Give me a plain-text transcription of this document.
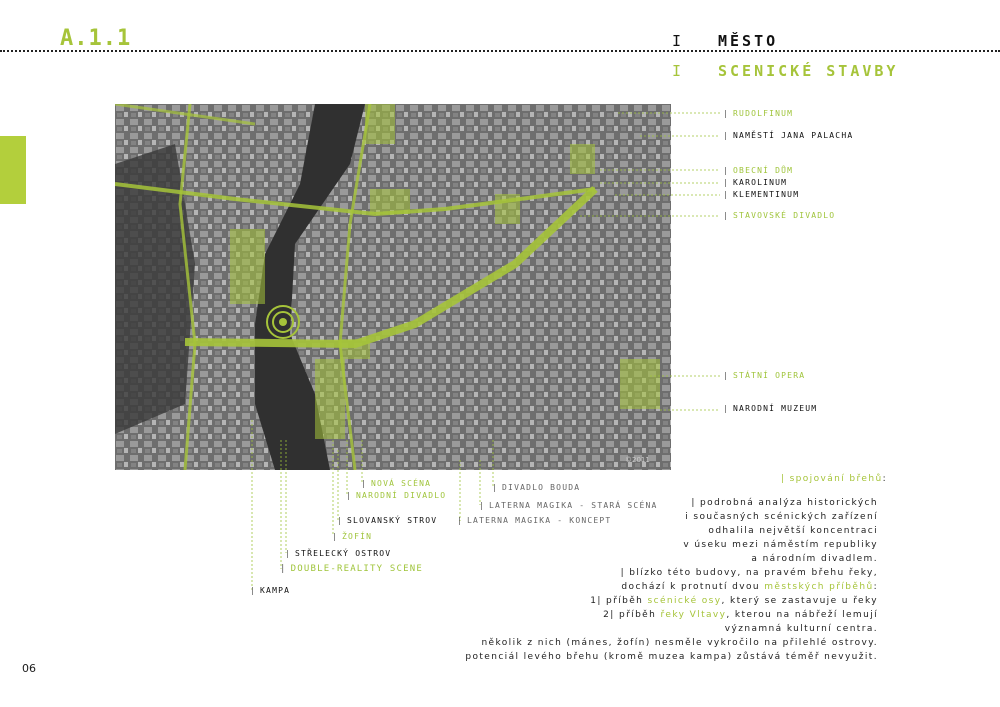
A.1.1	I MĚSTO
I SCENICKÉ STAVBY
©2011
| RUDOLFINUM
| NAMĚSTÍ JANA PALACHA
| OBECNÍ DŮM
| KAROLINUM
| KLEMENTINUM
| STAVOVSKÉ DIVADLO
| STÁTNÍ OPERA
| NARODNÍ MUZEUM
| NOVÁ SCÉNA
| NARODNÍ DIVADLO
| DIVADLO BOUDA
| LATERNA MAGIKA - STARÁ SCÉNA
| SLOVANSKÝ STROV
|	LATERNA MAGIKA - KONCEPT
| ŽOFÍN
| STŘELECKÝ OSTROV
| DOUBLE-REALITY SCENE
| KAMPA
| spojování břehů:
| podrobná analýza historických
i současných scénických zařízení
odhalila největší koncentraci
v úseku mezi náměstím republiky
a národním divadlem.
| blízko této budovy, na pravém břehu řeky,
dochází k protnutí dvou městských příběhů:
1| příběh scénické osy, který se zastavuje u řeky
2| příběh řeky Vltavy, kterou na nábřeží lemují
významná kulturní centra.
několik z nich (mánes, žofín) nesměle vykročilo na přilehlé ostrovy.
potenciál levého břehu (kromě muzea kampa) zůstává téměř nevyužit.
06
